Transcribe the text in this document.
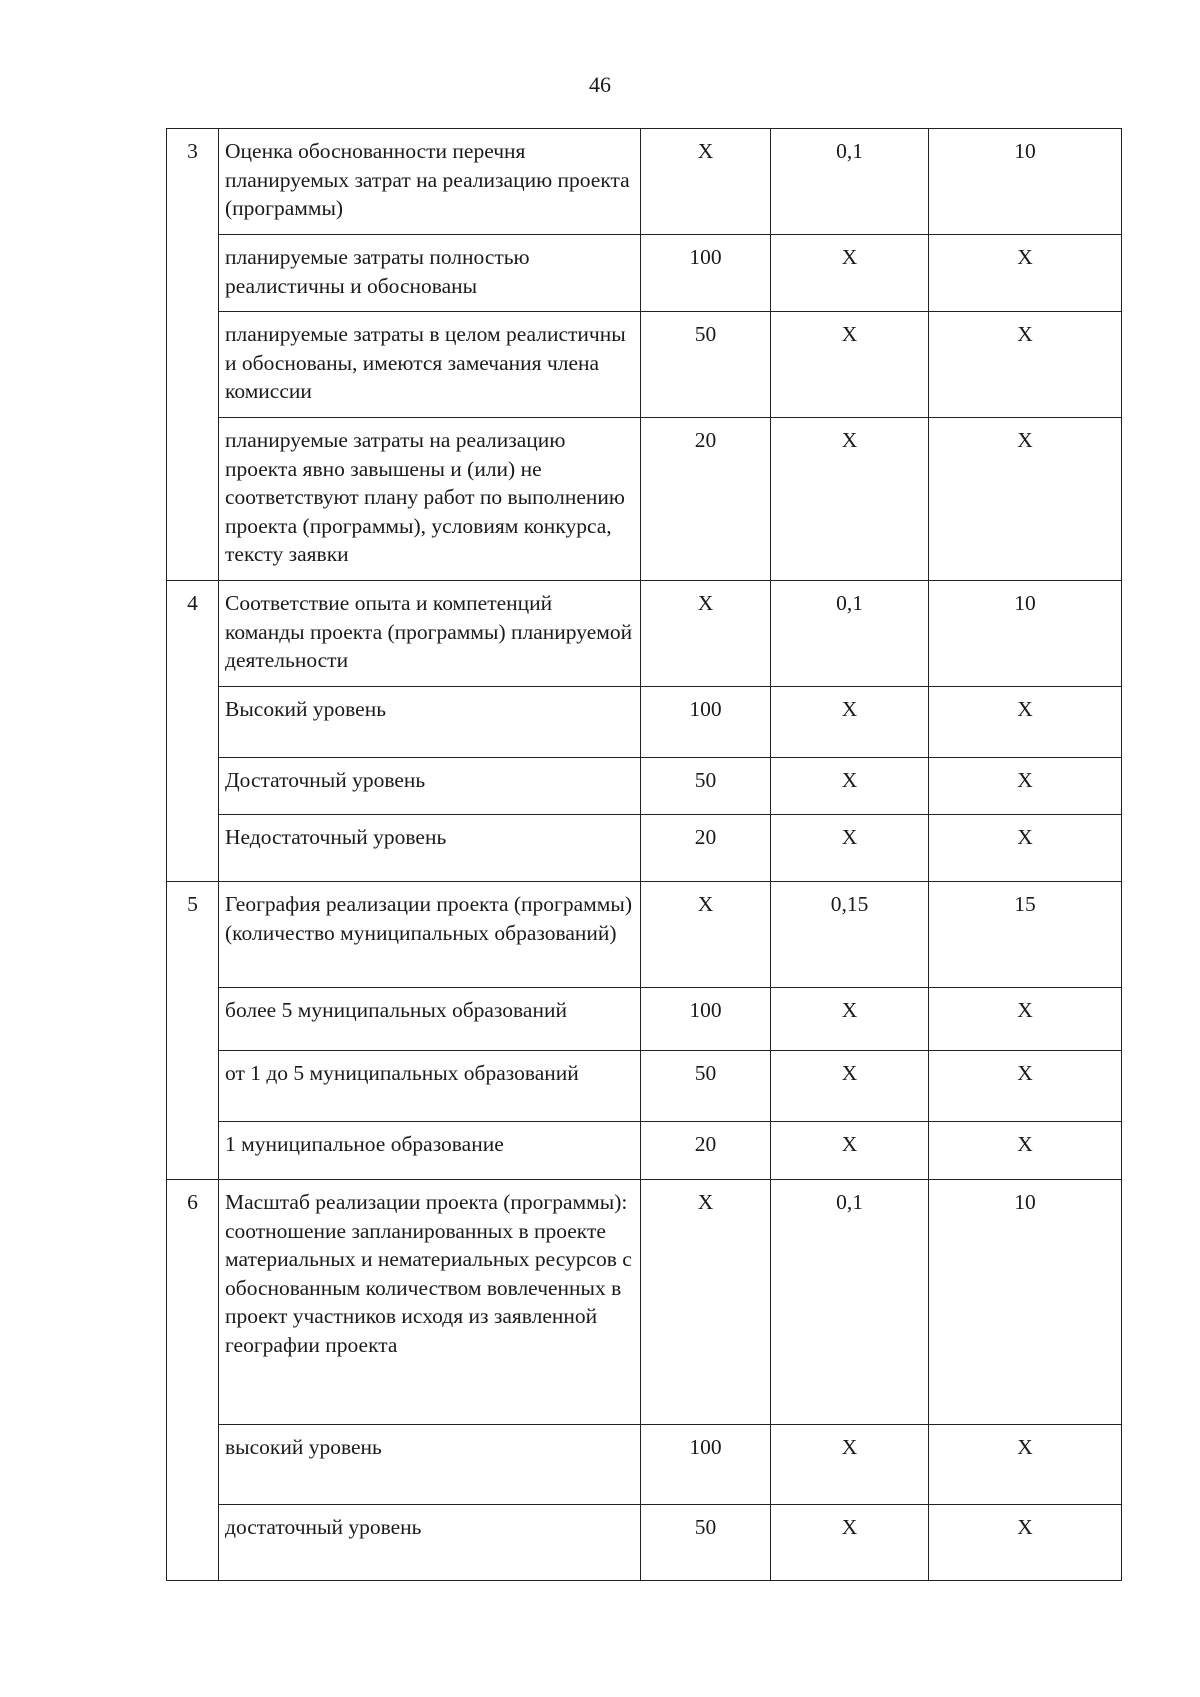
46
3	Оценка обоснованности перечня планируемых затрат на реализацию проекта (программы)	X	0,1	10
	планируемые затраты полностью реалистичны и обоснованы	100	X	X
	планируемые затраты в целом реалистичны и обоснованы, имеются замечания члена комиссии	50	X	X
	планируемые затраты на реализацию проекта явно завышены и (или) не соответствуют плану работ по выполнению проекта (программы), условиям конкурса, тексту заявки	20	X	X
4	Соответствие опыта и компетенций команды проекта (программы) планируемой деятельности	X	0,1	10
	Высокий уровень	100	X	X
	Достаточный уровень	50	X	X
	Недостаточный уровень	20	X	X
5	География реализации проекта (программы) (количество муниципальных образований)	X	0,15	15
	более 5 муниципальных образований	100	X	X
	от 1 до 5 муниципальных образований	50	X	X
	1 муниципальное образование	20	X	X
6	Масштаб реализации проекта (программы): соотношение запланированных в проекте материальных и нематериальных ресурсов с обоснованным количеством вовлеченных в проект участников исходя из заявленной географии проекта	X	0,1	10
	высокий уровень	100	X	X
	достаточный уровень	50	X	X
